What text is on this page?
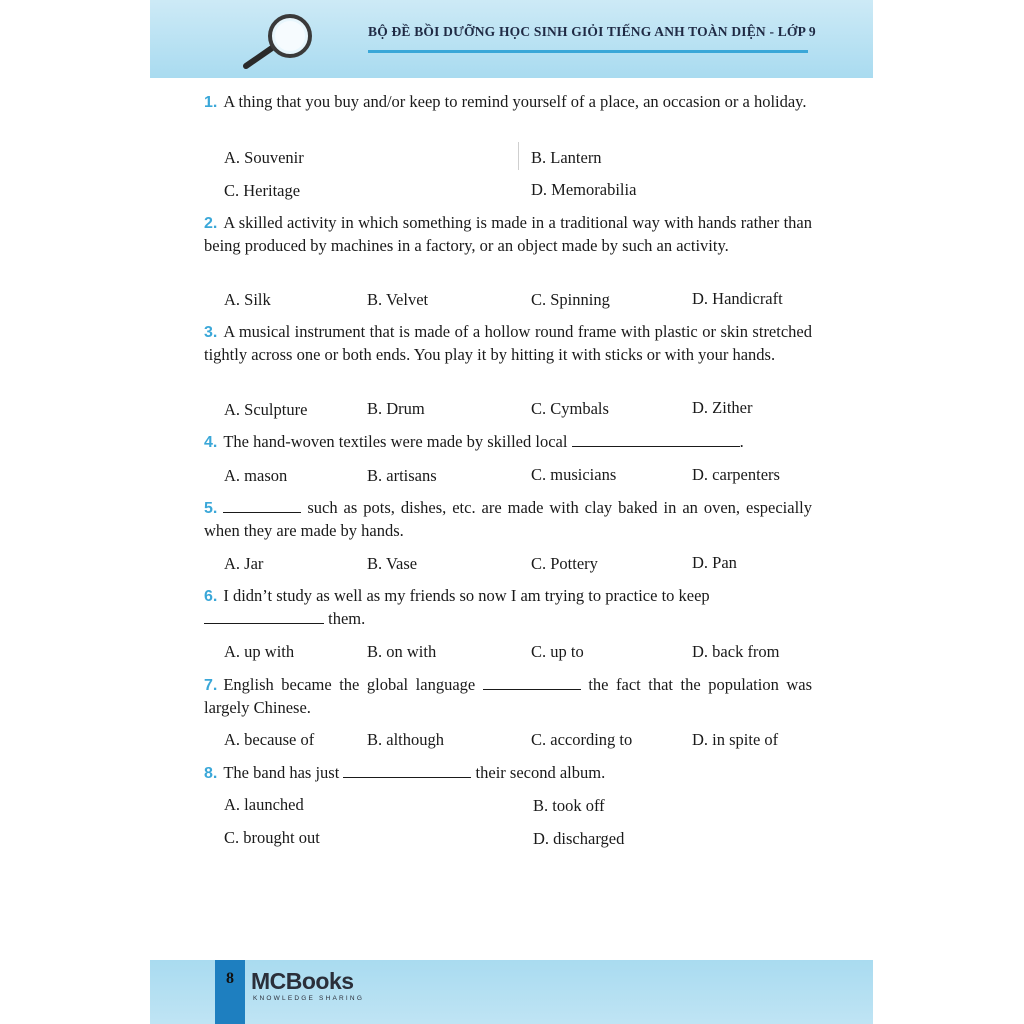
BỘ ĐỀ BỒI DƯỠNG HỌC SINH GIỎI TIẾNG ANH TOÀN DIỆN - LỚP 9
1. A thing that you buy and/or keep to remind yourself of a place, an occasion or a holiday.
A. Souvenir	B. Lantern
C. Heritage	D. Memorabilia
2. A skilled activity in which something is made in a traditional way with hands rather than being produced by machines in a factory, or an object made by such an activity.
A. Silk	B. Velvet	C. Spinning	D. Handicraft
3. A musical instrument that is made of a hollow round frame with plastic or skin stretched tightly across one or both ends. You play it by hitting it with sticks or with your hands.
A. Sculpture	B. Drum	C. Cymbals	D. Zither
4. The hand-woven textiles were made by skilled local	.
A. mason	B. artisans	C. musicians	D. carpenters
5.	such as pots, dishes, etc. are made with clay baked in an oven, especially when they are made by hands.
A. Jar	B. Vase	C. Pottery	D. Pan
6. I didn’t study as well as my friends so now I am trying to practice to keep
them.
A. up with	B. on with	C. up to	D. back from
7. English became the global language	the fact that the population was largely Chinese.
A. because of	B. although	C. according to	D. in spite of
8. The band has just	their second album.
A. launched	B. took off
C. brought out	D. discharged
8 MCBooks
KNOWLEDGE SHARING
